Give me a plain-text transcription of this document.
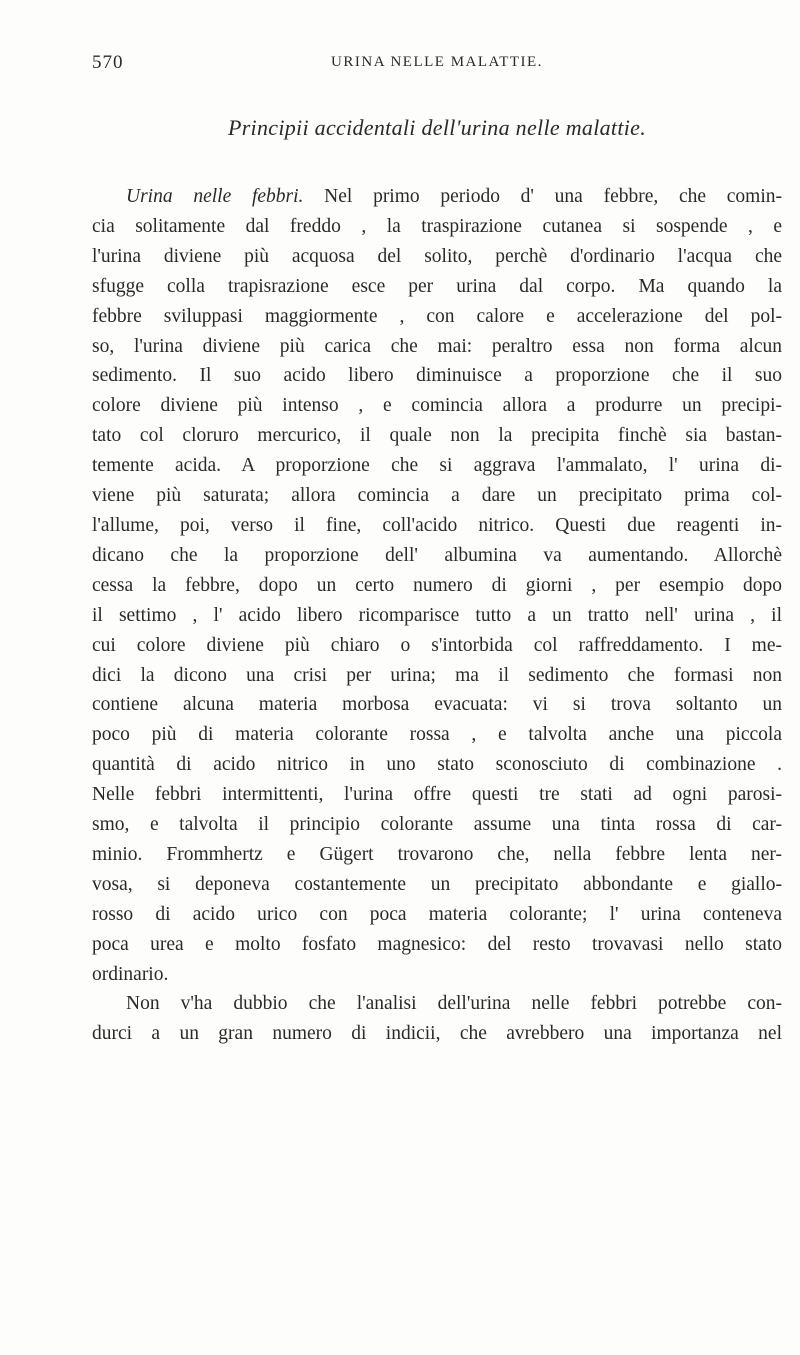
570	URINA NELLE MALATTIE.
Principii accidentali dell'urina nelle malattie.
Urina nelle febbri. Nel primo periodo d' una febbre, che comin-
cia solitamente dal freddo , la traspirazione cutanea si sospende , e
l'urina diviene più acquosa del solito, perchè d'ordinario l'acqua che
sfugge colla trapisrazione esce per urina dal corpo. Ma quando la
febbre sviluppasi maggiormente , con calore e accelerazione del pol-
so, l'urina diviene più carica che mai: peraltro essa non forma alcun
sedimento. Il suo acido libero diminuisce a proporzione che il suo
colore diviene più intenso , e comincia allora a produrre un precipi-
tato col cloruro mercurico, il quale non la precipita finchè sia bastan-
temente acida. A proporzione che si aggrava l'ammalato, l' urina di-
viene più saturata; allora comincia a dare un precipitato prima col-
l'allume, poi, verso il fine, coll'acido nitrico. Questi due reagenti in-
dicano che la proporzione dell' albumina va aumentando. Allorchè
cessa la febbre, dopo un certo numero di giorni , per esempio dopo
il settimo , l' acido libero ricomparisce tutto a un tratto nell' urina , il
cui colore diviene più chiaro o s'intorbida col raffreddamento. I me-
dici la dicono una crisi per urina; ma il sedimento che formasi non
contiene alcuna materia morbosa evacuata: vi si trova soltanto un
poco più di materia colorante rossa , e talvolta anche una piccola
quantità di acido nitrico in uno stato sconosciuto di combinazione .
Nelle febbri intermittenti, l'urina offre questi tre stati ad ogni parosi-
smo, e talvolta il principio colorante assume una tinta rossa di car-
minio. Frommhertz e Gügert trovarono che, nella febbre lenta ner-
vosa, si deponeva costantemente un precipitato abbondante e giallo-
rosso di acido urico con poca materia colorante; l' urina conteneva
poca urea e molto fosfato magnesico: del resto trovavasi nello stato
ordinario.
Non v'ha dubbio che l'analisi dell'urina nelle febbri potrebbe con-
durci a un gran numero di indicii, che avrebbero una importanza nel
